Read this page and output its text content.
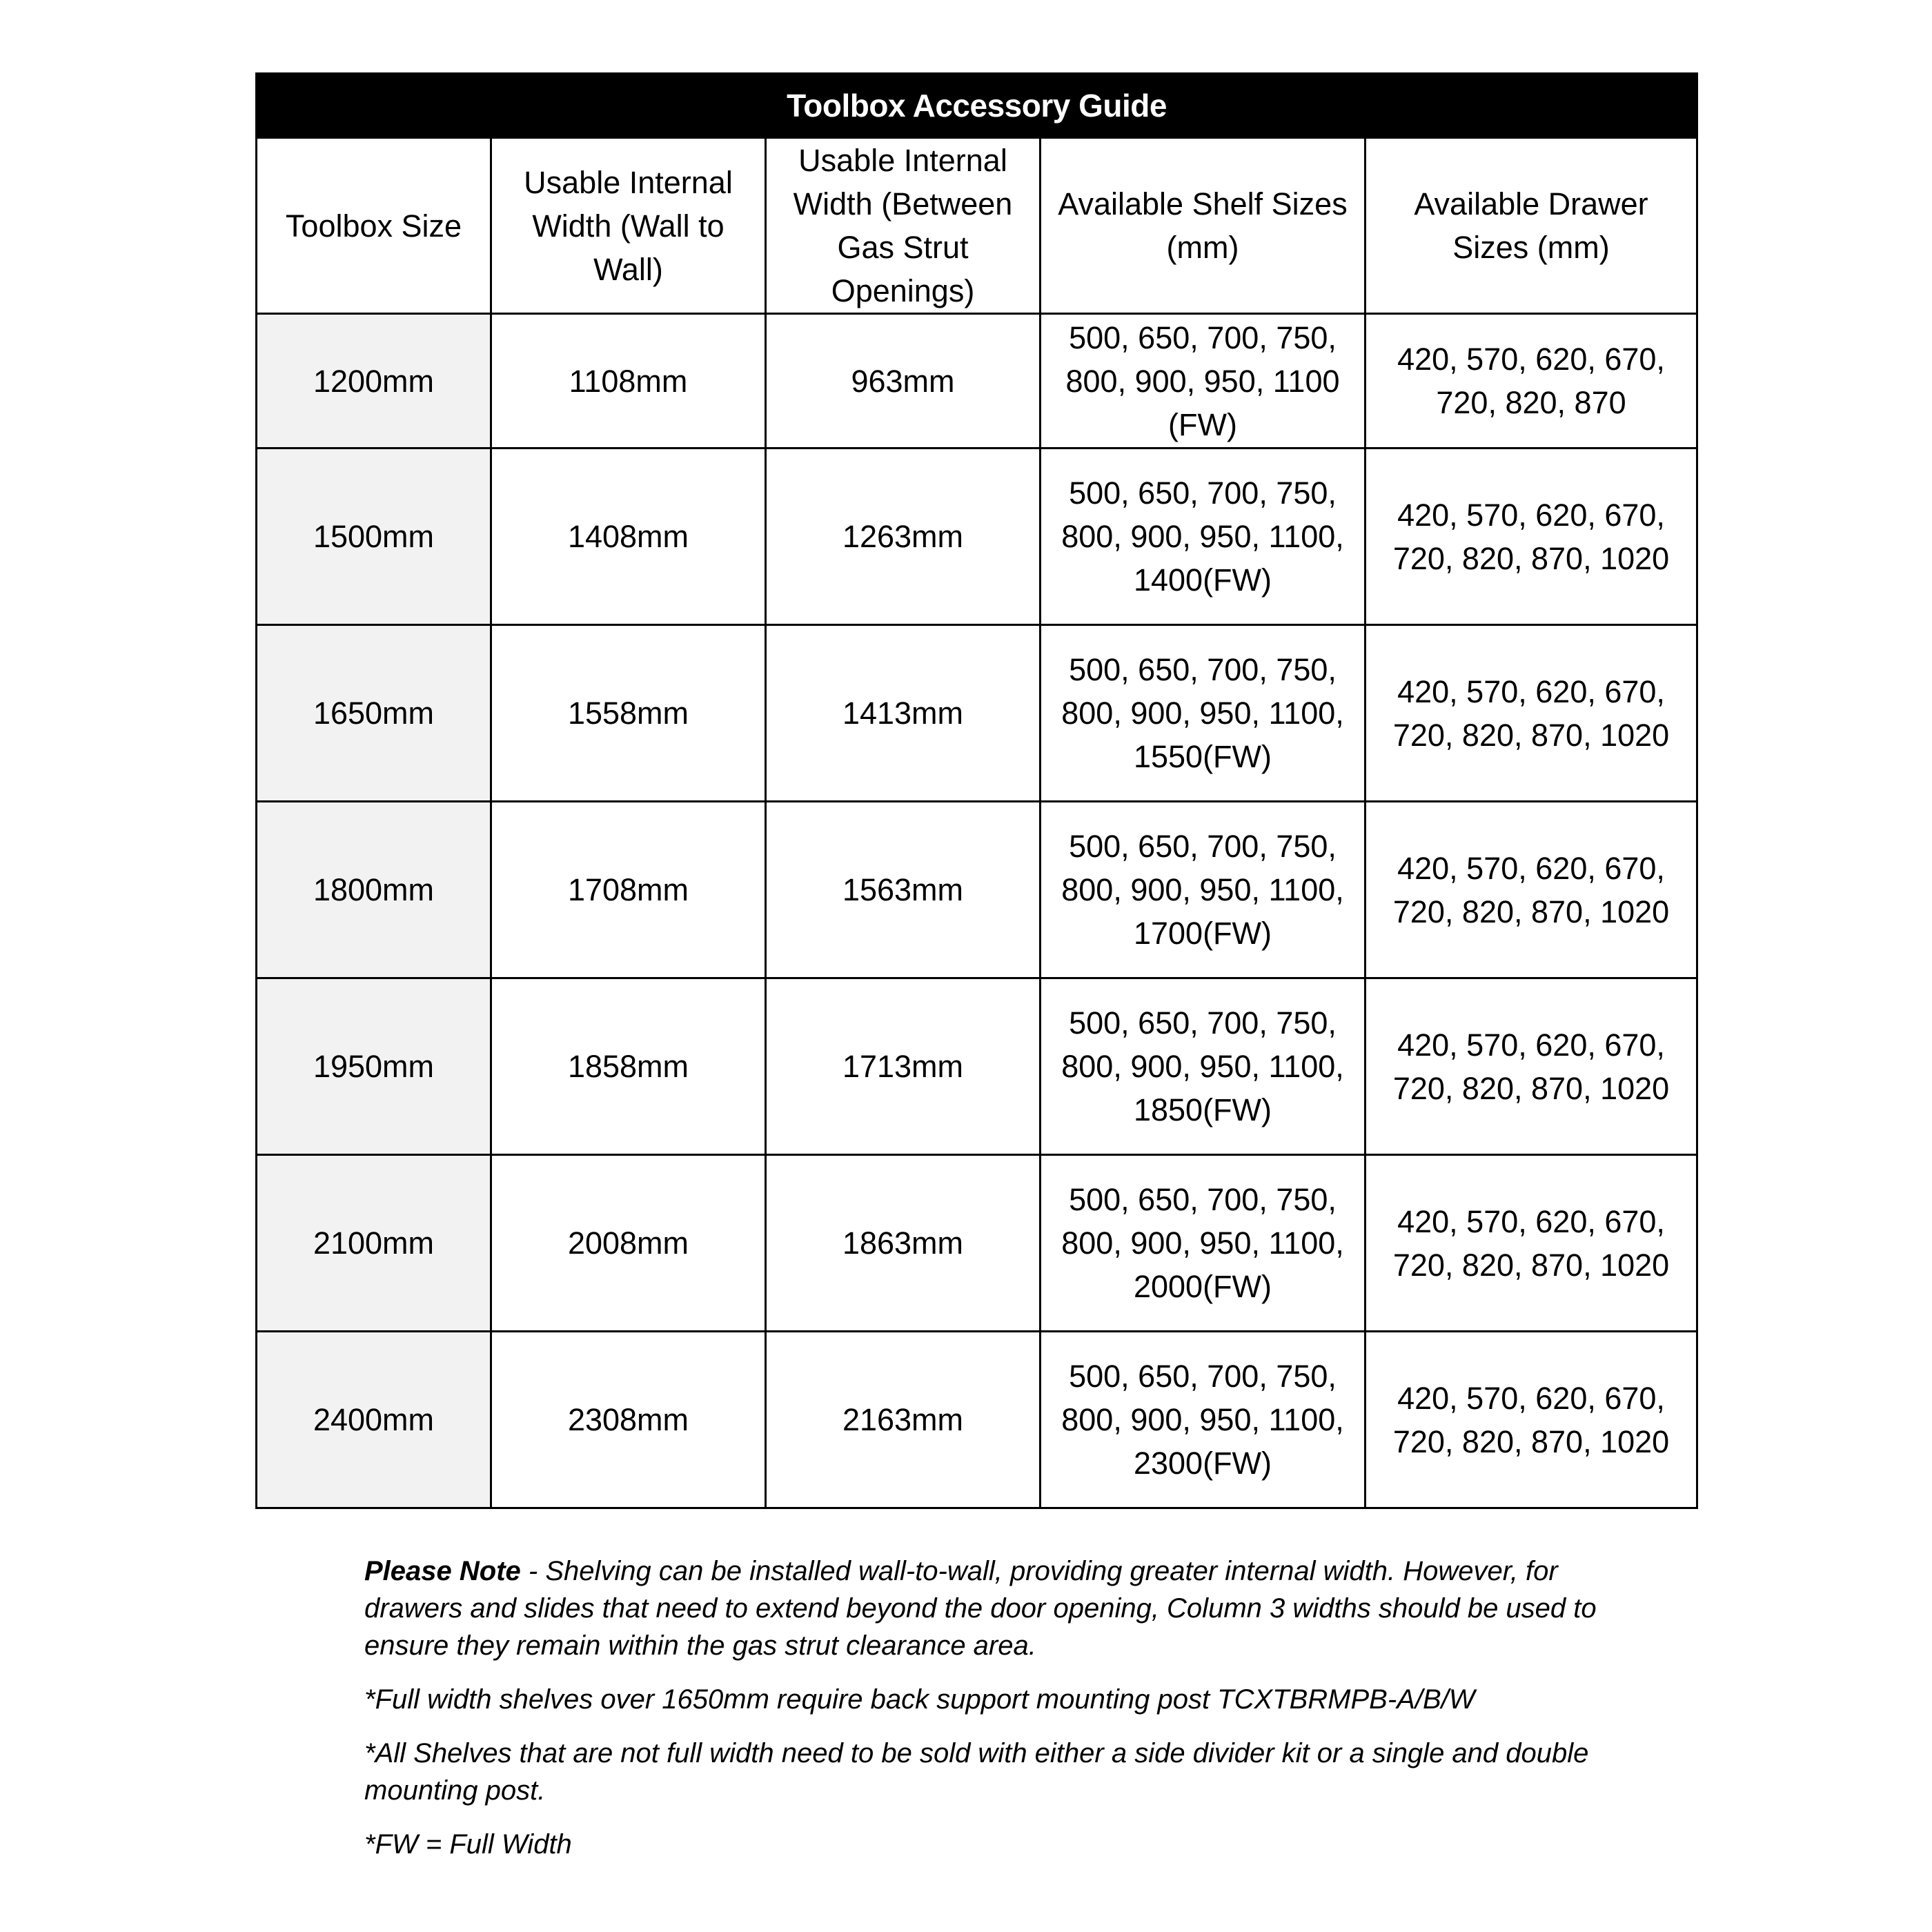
Toolbox Accessory Guide				
Toolbox Size	Usable Internal Width (Wall to Wall)	Usable Internal Width (Between Gas Strut Openings)	Available Shelf Sizes (mm)	Available Drawer Sizes (mm)
1200mm	1108mm	963mm	500, 650, 700, 750, 800, 900, 950, 1100 (FW)	420, 570, 620, 670, 720, 820, 870
1500mm	1408mm	1263mm	500, 650, 700, 750, 800, 900, 950, 1100, 1400(FW)	420, 570, 620, 670, 720, 820, 870, 1020
1650mm	1558mm	1413mm	500, 650, 700, 750, 800, 900, 950, 1100, 1550(FW)	420, 570, 620, 670, 720, 820, 870, 1020
1800mm	1708mm	1563mm	500, 650, 700, 750, 800, 900, 950, 1100, 1700(FW)	420, 570, 620, 670, 720, 820, 870, 1020
1950mm	1858mm	1713mm	500, 650, 700, 750, 800, 900, 950, 1100, 1850(FW)	420, 570, 620, 670, 720, 820, 870, 1020
2100mm	2008mm	1863mm	500, 650, 700, 750, 800, 900, 950, 1100, 2000(FW)	420, 570, 620, 670, 720, 820, 870, 1020
2400mm	2308mm	2163mm	500, 650, 700, 750, 800, 900, 950, 1100, 2300(FW)	420, 570, 620, 670, 720, 820, 870, 1020

Please Note - Shelving can be installed wall-to-wall, providing greater internal width. However, for drawers and slides that need to extend beyond the door opening, Column 3 widths should be used to ensure they remain within the gas strut clearance area.

*Full width shelves over 1650mm require back support mounting post TCXTBRMPB-A/B/W

*All Shelves that are not full width need to be sold with either a side divider kit or a single and double mounting post.

*FW = Full Width
